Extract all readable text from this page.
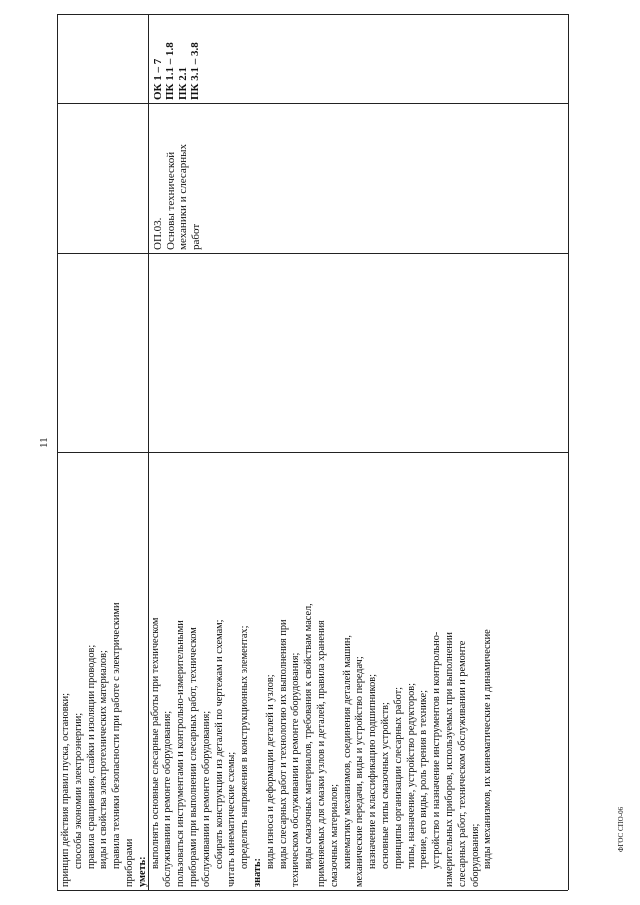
11
ФГОС СПО-06

принцип действия правил пуска, остановки; способы экономии электроэнергии; правила сращивания, спайки и изоляции проводов; виды и свойства электротехнических материалов; правила техники безопасности при работе с электрическими приборами уметь:

выполнять основные слесарные работы при техническом обслуживании и ремонте оборудования; пользоваться инструментами и контрольно-измерительными приборами при выполнении слесарных работ, техническом обслуживании и ремонте оборудования; собирать конструкции из деталей по чертежам и схемам; читать кинематические схемы; определять напряжения в конструкционных элементах;

знать:

виды износа и деформации деталей и узлов; виды слесарных работ и технологию их выполнения при техническом обслуживании и ремонте оборудования; виды смазочных материалов, требования к свойствам масел, применяемых для смазки узлов и деталей, правила хранения смазочных материалов; кинематику механизмов, соединения деталей машин, механические передачи, виды и устройство передач; назначение и классификацию подшипников; основные типы смазочных устройств; принципы организации слесарных работ; типы, назначение, устройство редукторов; трение, его виды, роль трения в технике; устройство и назначение инструментов и контрольно- измерительных приборов, используемых при выполнении слесарных работ, техническом обслуживании и ремонте оборудования; виды механизмов, их кинематические и динамические

ОП.03. Основы технической механики и слесарных работ

ОК 1 – 7 ПК 1.1 – 1.8 ПК 2.1 ПК 3.1 – 3.8
